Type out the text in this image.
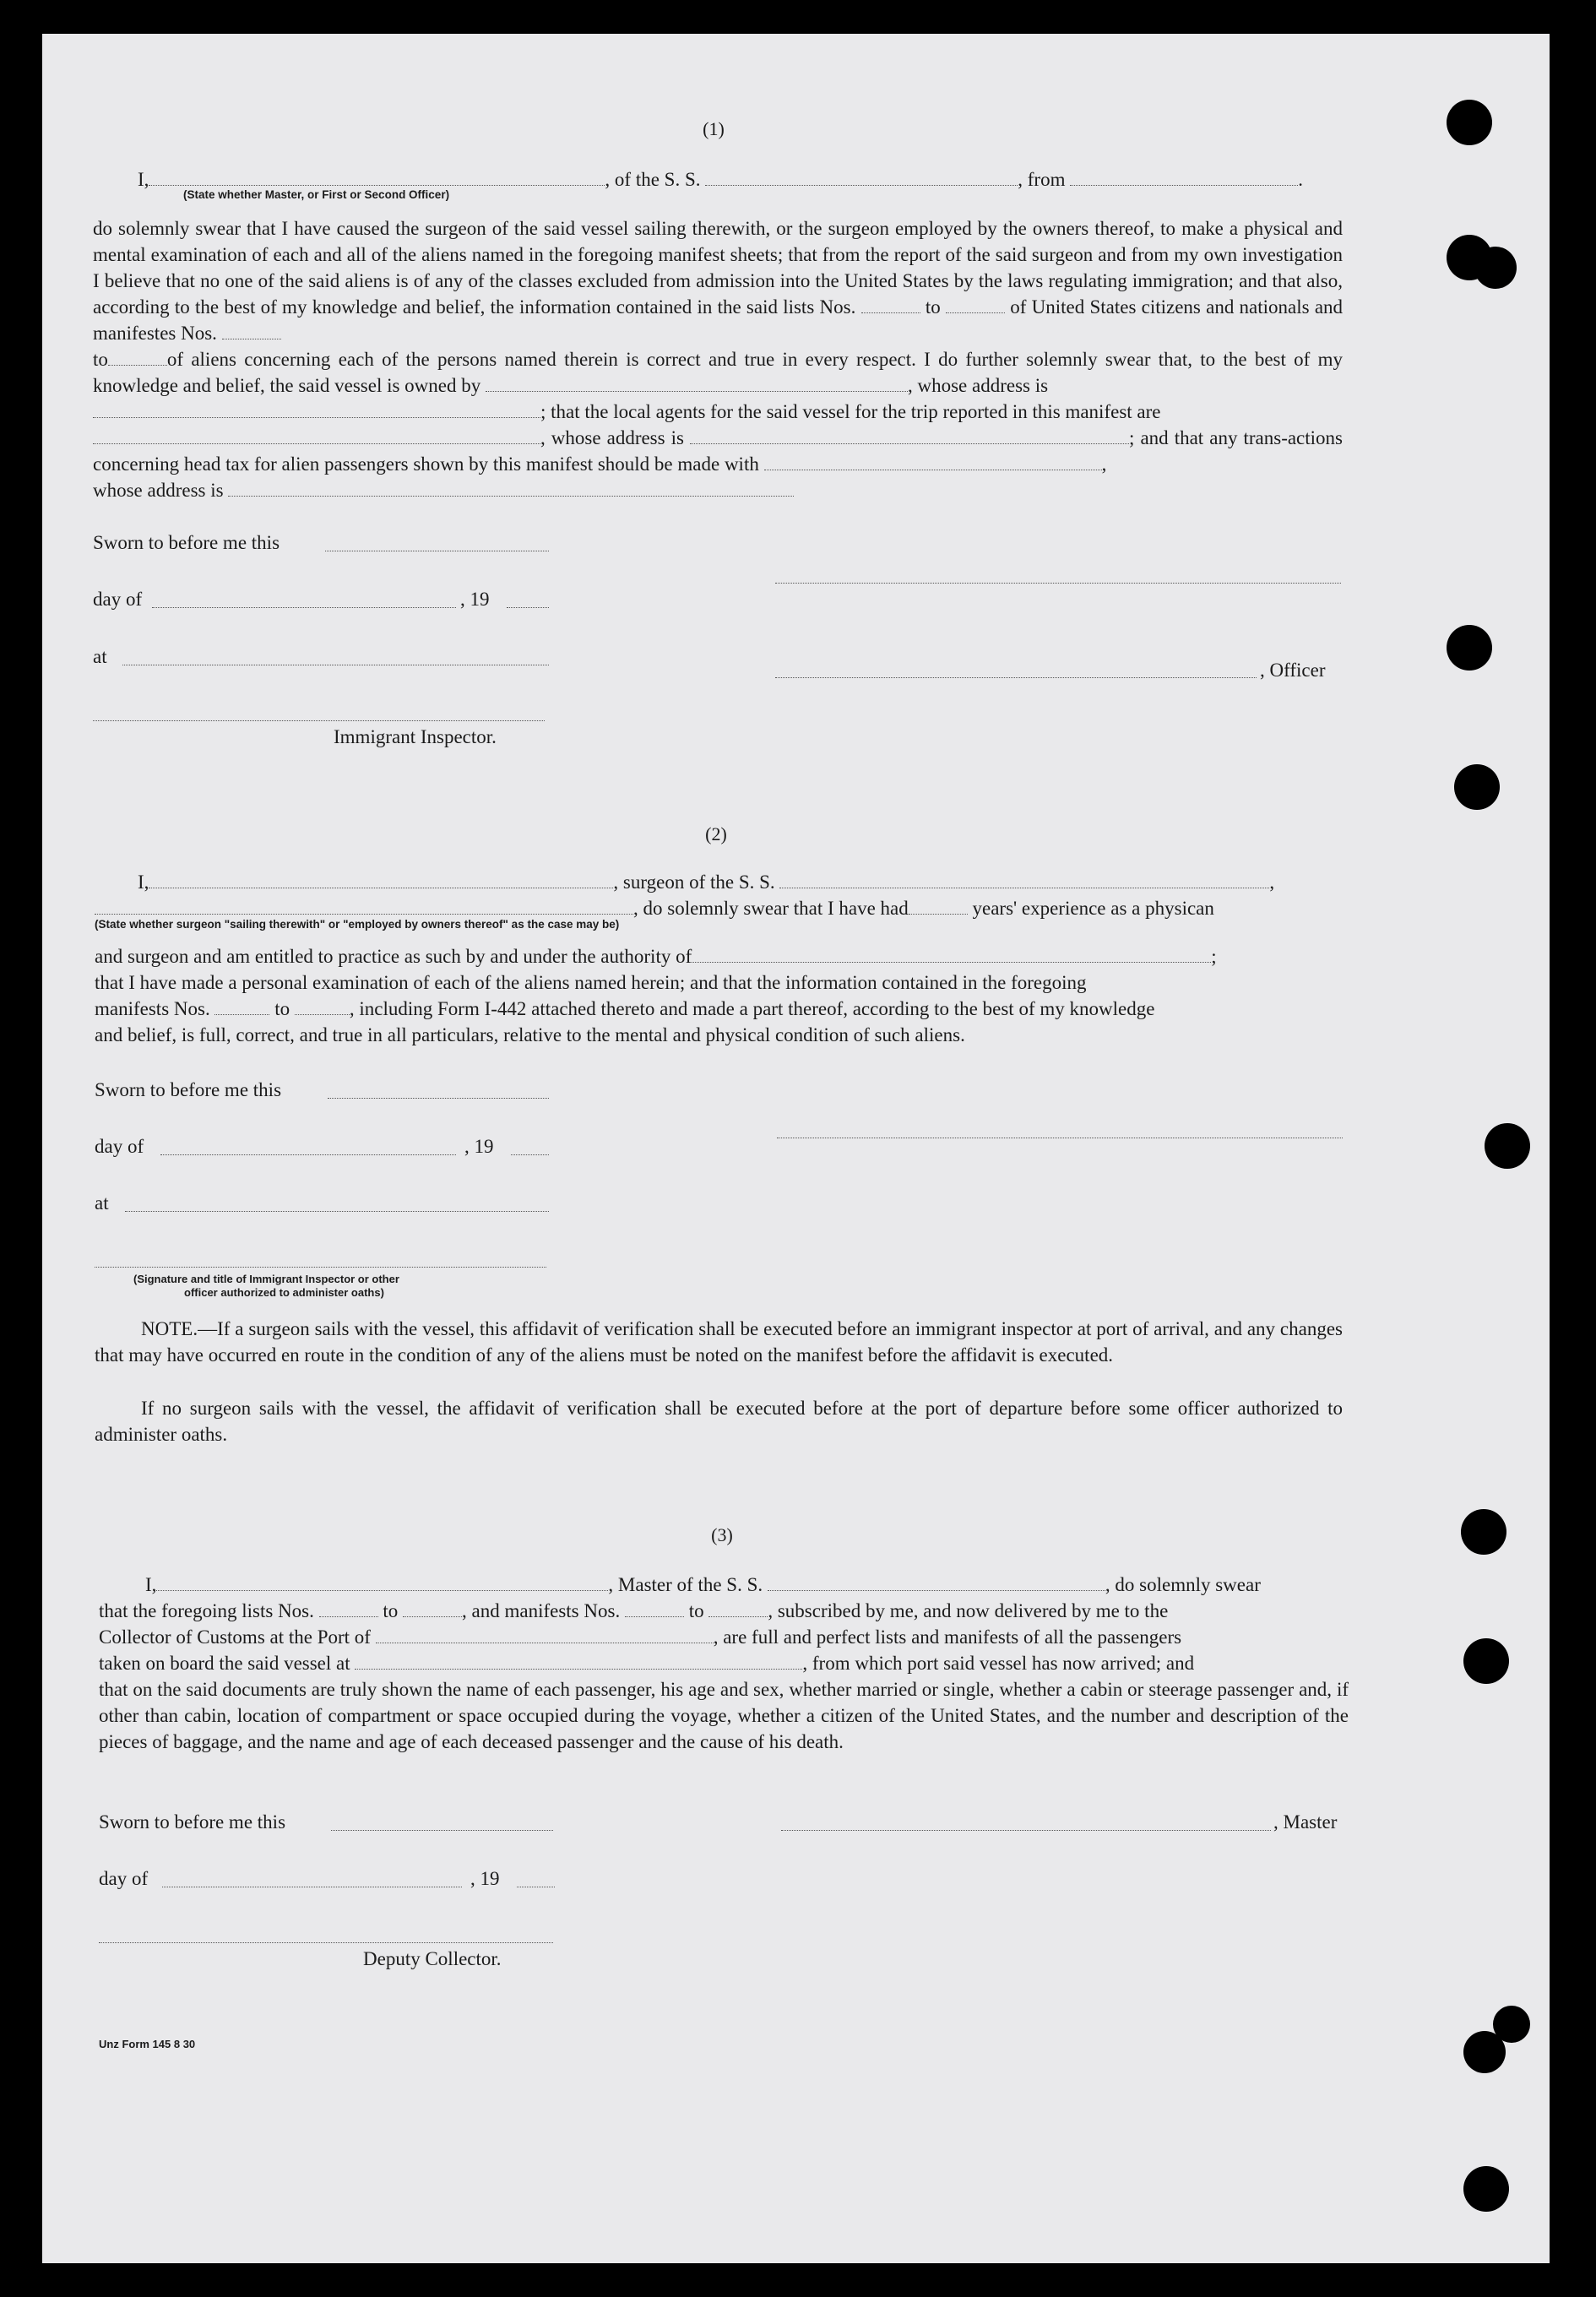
(1)
I,	, of the S. S.	, from	.
(State whether Master, or First or Second Officer)
do solemnly swear that I have caused the surgeon of the said vessel sailing therewith, or the surgeon employed by the owners thereof, to make a physical and mental examination of each and all of the aliens named in the foregoing manifest sheets; that from the report of the said surgeon and from my own investigation I believe that no one of the said aliens is of any of the classes excluded from admission into the United States by the laws regulating immigration; and that also, according to the best of my knowledge and belief, the information contained in the said lists Nos.	to	of United States citizens and nationals and manifestes Nos.
to	of aliens concerning each of the persons named therein is correct and true in every respect. I do further solemnly swear that, to the best of my knowledge and belief, the said vessel is owned by	, whose address is
; that the local agents for the said vessel for the trip reported in this manifest are
, whose address is	; and that any trans-actions concerning head tax for alien passengers shown by this manifest should be made with	,
whose address is
Sworn to before me this
day of	, 19
at
, Officer
Immigrant Inspector.
(2)
I,	, surgeon of the S. S.	,
, do solemnly swear that I have had	years' experience as a physican
(State whether surgeon "sailing therewith" or "employed by owners thereof" as the case may be)
and surgeon and am entitled to practice as such by and under the authority of	;
that I have made a personal examination of each of the aliens named herein; and that the information contained in the foregoing
manifests Nos.	to	, including Form I-442 attached thereto and made a part thereof, according to the best of my knowledge
and belief, is full, correct, and true in all particulars, relative to the mental and physical condition of such aliens.
Sworn to before me this
day of	, 19
at
(Signature and title of Immigrant Inspector or other
officer authorized to administer oaths)
NOTE.—If a surgeon sails with the vessel, this affidavit of verification shall be executed before an immigrant inspector at port of arrival, and any changes that may have occurred en route in the condition of any of the aliens must be noted on the manifest before the affidavit is executed.
If no surgeon sails with the vessel, the affidavit of verification shall be executed before at the port of departure before some officer authorized to administer oaths.
(3)
I,	, Master of the S. S.	, do solemnly swear
that the foregoing lists Nos.	to	, and manifests Nos.	to	, subscribed by me, and now delivered by me to the
Collector of Customs at the Port of	, are full and perfect lists and manifests of all the passengers
taken on board the said vessel at	, from which port said vessel has now arrived; and
that on the said documents are truly shown the name of each passenger, his age and sex, whether married or single, whether a cabin or steerage passenger and, if other than cabin, location of compartment or space occupied during the voyage, whether a citizen of the United States, and the number and description of the pieces of baggage, and the name and age of each deceased passenger and the cause of his death.
Sworn to before me this	, Master
day of	, 19
Deputy Collector.
Unz Form 145 8 30
